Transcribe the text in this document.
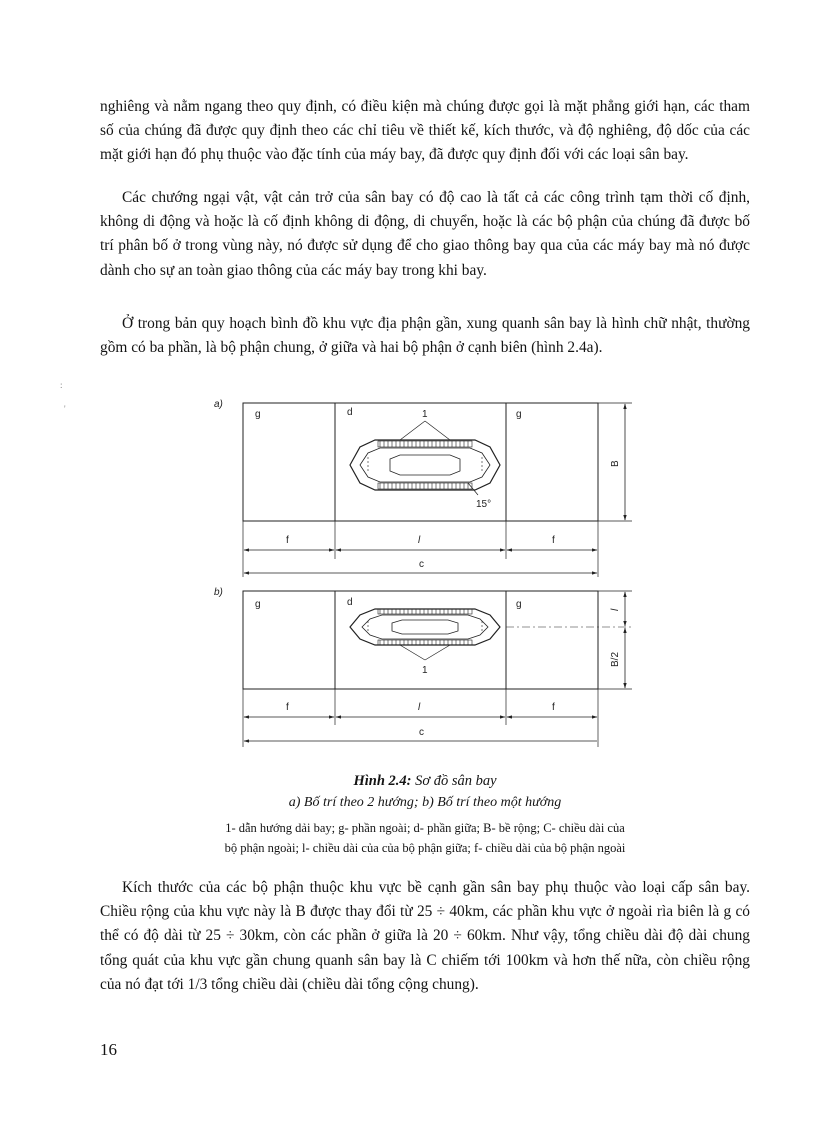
nghiêng và nằm ngang theo quy định, có điều kiện mà chúng được gọi là mặt phẳng giới hạn, các tham số của chúng đã được quy định theo các chỉ tiêu về thiết kế, kích thước, và độ nghiêng, độ dốc của các mặt giới hạn đó phụ thuộc vào đặc tính của máy bay, đã được quy định đối với các loại sân bay.

Các chướng ngại vật, vật cản trở của sân bay có độ cao là tất cả các công trình tạm thời cố định, không di động và hoặc là cố định không di động, di chuyển, hoặc là các bộ phận của chúng đã được bố trí phân bố ở trong vùng này, nó được sử dụng để cho giao thông bay qua của các máy bay mà nó được dành cho sự an toàn giao thông của các máy bay trong khi bay.

Ở trong bản quy hoạch bình đồ khu vực địa phận gần, xung quanh sân bay là hình chữ nhật, thường gồm có ba phần, là bộ phận chung, ở giữa và hai bộ phận ở cạnh biên (hình 2.4a).

:
'	a)
g	d	g
1
15°
B
f	l	f
c
b)
g	d	g
1
l
B/2
f	l	f
c
Hình 2.4: Sơ đồ sân bay
a) Bố trí theo 2 hướng; b) Bố trí theo một hướng
1- dẫn hướng dải bay; g- phần ngoài; d- phần giữa; B- bề rộng; C- chiều dài của
bộ phận ngoài; l- chiều dài của của bộ phận giữa; f- chiều dài của bộ phận ngoài

Kích thước của các bộ phận thuộc khu vực bề cạnh gần sân bay phụ thuộc vào loại cấp sân bay. Chiều rộng của khu vực này là B được thay đổi từ 25 ÷ 40km, các phần khu vực ở ngoài rìa biên là g có thể có độ dài từ 25 ÷ 30km, còn các phần ở giữa là 20 ÷ 60km. Như vậy, tổng chiều dài độ dài chung tổng quát của khu vực gần chung quanh sân bay là C chiếm tới 100km và hơn thế nữa, còn chiều rộng của nó đạt tới 1/3 tổng chiều dài (chiều dài tổng cộng chung).

16
